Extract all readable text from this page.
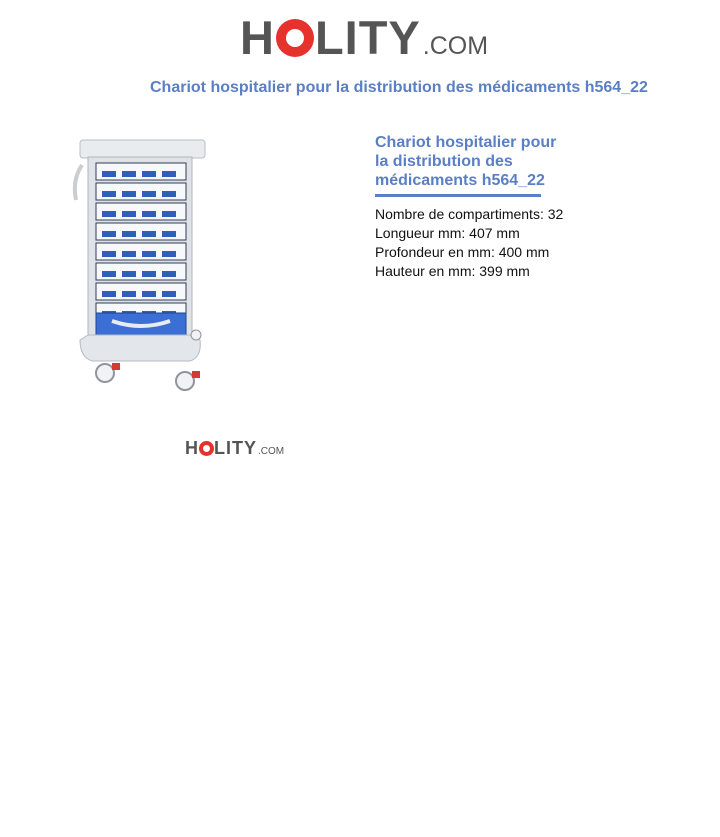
H LITY .COM
Chariot hospitalier pour la distribution des médicaments h564_22
H LITY .COM
Chariot hospitalier pour
la distribution des
médicaments h564_22
Nombre de compartiments: 32
Longueur mm: 407 mm
Profondeur en mm: 400 mm
Hauteur en mm: 399 mm
